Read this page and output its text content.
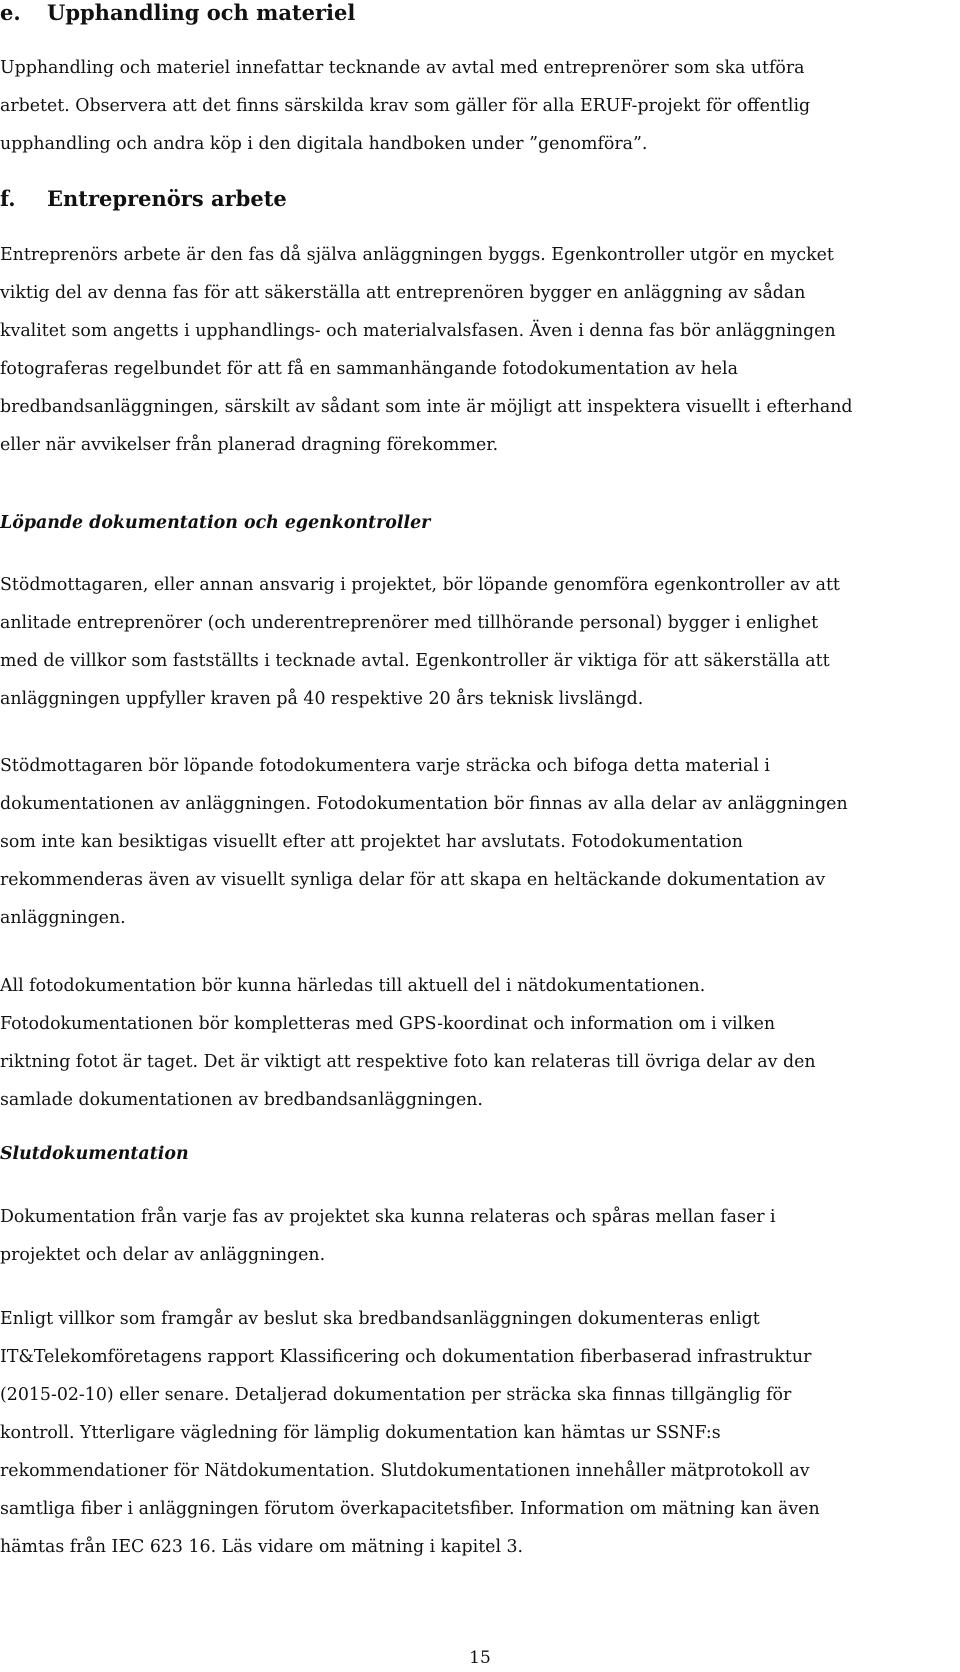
e. Upphandling och materiel

Upphandling och materiel innefattar tecknande av avtal med entreprenörer som ska utföra
arbetet. Observera att det finns särskilda krav som gäller för alla ERUF-projekt för offentlig
upphandling och andra köp i den digitala handboken under ”genomföra”.

f. Entreprenörs arbete

Entreprenörs arbete är den fas då själva anläggningen byggs. Egenkontroller utgör en mycket
viktig del av denna fas för att säkerställa att entreprenören bygger en anläggning av sådan
kvalitet som angetts i upphandlings- och materialvalsfasen. Även i denna fas bör anläggningen
fotograferas regelbundet för att få en sammanhängande fotodokumentation av hela
bredbandsanläggningen, särskilt av sådant som inte är möjligt att inspektera visuellt i efterhand
eller när avvikelser från planerad dragning förekommer.

Löpande dokumentation och egenkontroller

Stödmottagaren, eller annan ansvarig i projektet, bör löpande genomföra egenkontroller av att
anlitade entreprenörer (och underentreprenörer med tillhörande personal) bygger i enlighet
med de villkor som fastställts i tecknade avtal. Egenkontroller är viktiga för att säkerställa att
anläggningen uppfyller kraven på 40 respektive 20 års teknisk livslängd.

Stödmottagaren bör löpande fotodokumentera varje sträcka och bifoga detta material i
dokumentationen av anläggningen. Fotodokumentation bör finnas av alla delar av anläggningen
som inte kan besiktigas visuellt efter att projektet har avslutats. Fotodokumentation
rekommenderas även av visuellt synliga delar för att skapa en heltäckande dokumentation av
anläggningen.

All fotodokumentation bör kunna härledas till aktuell del i nätdokumentationen.
Fotodokumentationen bör kompletteras med GPS-koordinat och information om i vilken
riktning fotot är taget. Det är viktigt att respektive foto kan relateras till övriga delar av den
samlade dokumentationen av bredbandsanläggningen.

Slutdokumentation

Dokumentation från varje fas av projektet ska kunna relateras och spåras mellan faser i
projektet och delar av anläggningen.

Enligt villkor som framgår av beslut ska bredbandsanläggningen dokumenteras enligt
IT&Telekomföretagens rapport Klassificering och dokumentation fiberbaserad infrastruktur
(2015-02-10) eller senare. Detaljerad dokumentation per sträcka ska finnas tillgänglig för
kontroll. Ytterligare vägledning för lämplig dokumentation kan hämtas ur SSNF:s
rekommendationer för Nätdokumentation. Slutdokumentationen innehåller mätprotokoll av
samtliga fiber i anläggningen förutom överkapacitetsfiber. Information om mätning kan även
hämtas från IEC 623 16. Läs vidare om mätning i kapitel 3.

15
